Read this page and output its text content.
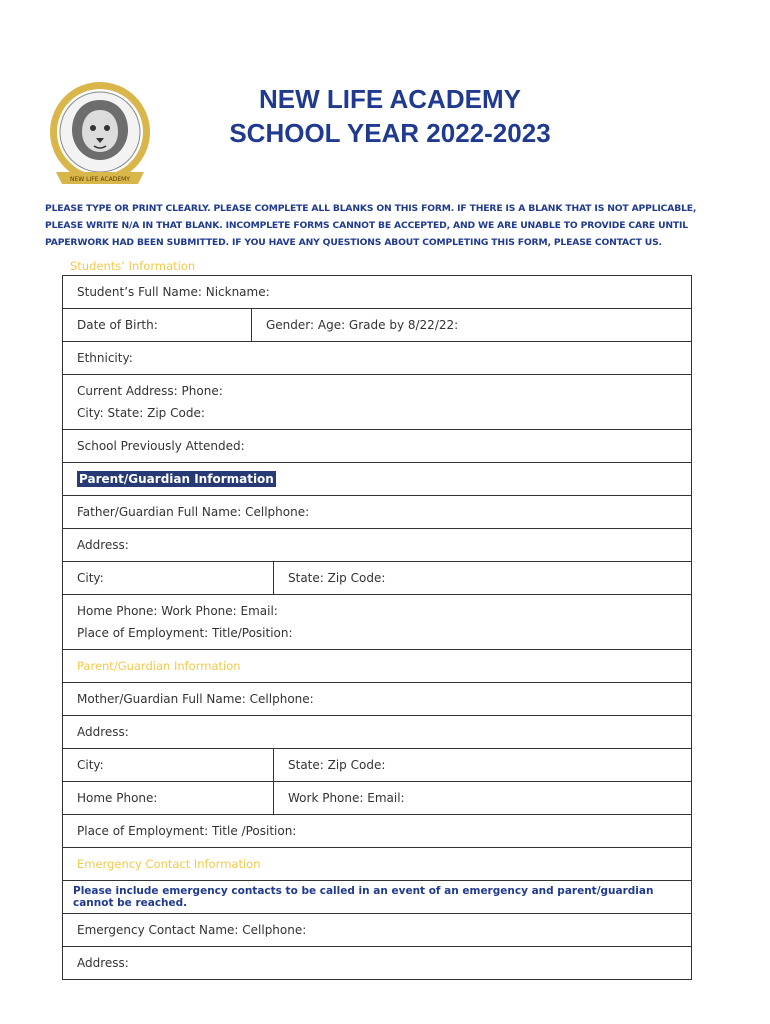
NEW LIFE ACADEMY
NEW LIFE ACADEMY
SCHOOL YEAR 2022-2023
PLEASE TYPE OR PRINT CLEARLY. PLEASE COMPLETE ALL BLANKS ON THIS FORM. IF THERE IS A BLANK THAT IS NOT APPLICABLE, PLEASE WRITE N/A IN THAT BLANK. INCOMPLETE FORMS CANNOT BE ACCEPTED, AND WE ARE UNABLE TO PROVIDE CARE UNTIL PAPERWORK HAD BEEN SUBMITTED. IF YOU HAVE ANY QUESTIONS ABOUT COMPLETING THIS FORM, PLEASE CONTACT US.
Students’ Information
Student’s Full Name: Nickname:
Date of Birth:	Gender: Age: Grade by 8/22/22:
Ethnicity:
Current Address: Phone:
City: State: Zip Code:
School Previously Attended:
Parent/Guardian Information
Father/Guardian Full Name: Cellphone:
Address:
City:	State: Zip Code:
Home Phone: Work Phone: Email:
Place of Employment: Title/Position:
Parent/Guardian Information
Mother/Guardian Full Name: Cellphone:
Address:
City:	State: Zip Code:
Home Phone:	Work Phone: Email:
Place of Employment: Title /Position:
Emergency Contact Information
Please include emergency contacts to be called in an event of an emergency and parent/guardian cannot be reached.
Emergency Contact Name: Cellphone:
Address:
